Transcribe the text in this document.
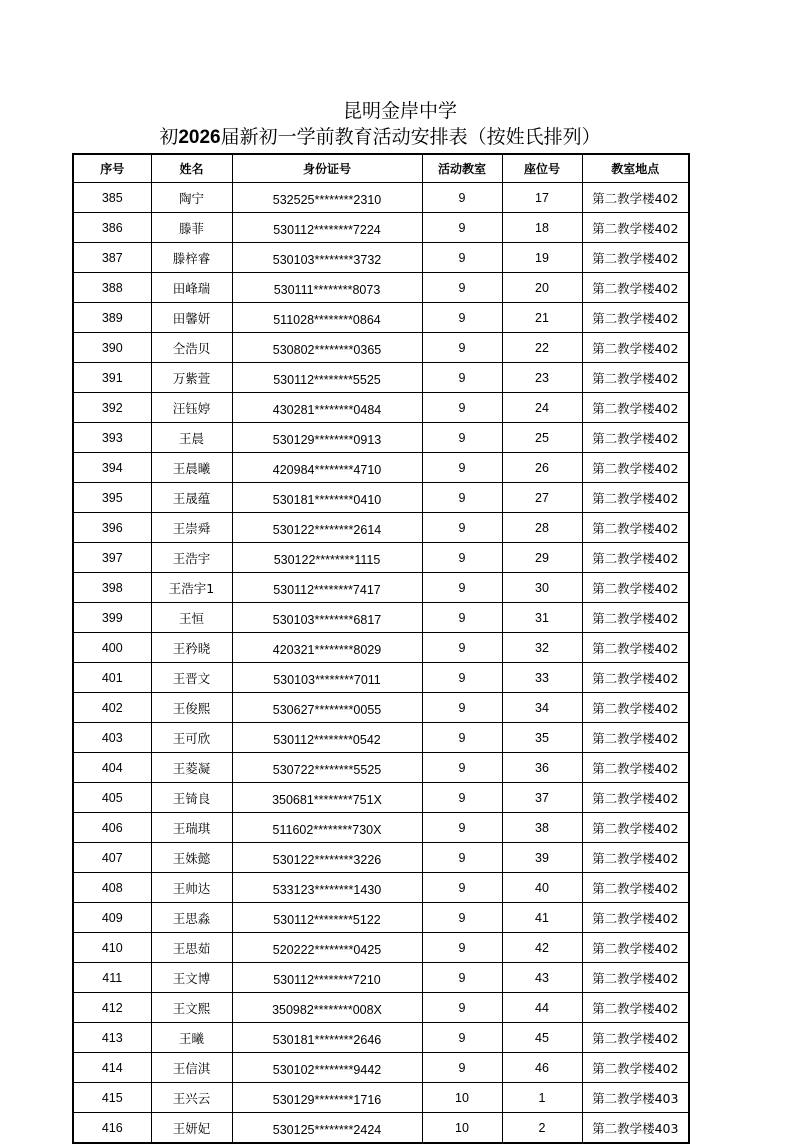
昆明金岸中学
初2026届新初一学前教育活动安排表（按姓氏排列）
序号	姓名	身份证号	活动教室	座位号	教室地点
385	陶宁	532525********2310	9	17	第二教学楼402
386	滕菲	530112********7224	9	18	第二教学楼402
387	滕梓睿	530103********3732	9	19	第二教学楼402
388	田峰瑞	530111********8073	9	20	第二教学楼402
389	田馨妍	511028********0864	9	21	第二教学楼402
390	仝浩贝	530802********0365	9	22	第二教学楼402
391	万紫萱	530112********5525	9	23	第二教学楼402
392	汪钰婷	430281********0484	9	24	第二教学楼402
393	王晨	530129********0913	9	25	第二教学楼402
394	王晨曦	420984********4710	9	26	第二教学楼402
395	王晟蕴	530181********0410	9	27	第二教学楼402
396	王崇舜	530122********2614	9	28	第二教学楼402
397	王浩宇	530122********1115	9	29	第二教学楼402
398	王浩宇1	530112********7417	9	30	第二教学楼402
399	王恒	530103********6817	9	31	第二教学楼402
400	王矜晓	420321********8029	9	32	第二教学楼402
401	王晋文	530103********7011	9	33	第二教学楼402
402	王俊熙	530627********0055	9	34	第二教学楼402
403	王可欣	530112********0542	9	35	第二教学楼402
404	王菱凝	530722********5525	9	36	第二教学楼402
405	王锜良	350681********751X	9	37	第二教学楼402
406	王瑞琪	511602********730X	9	38	第二教学楼402
407	王姝懿	530122********3226	9	39	第二教学楼402
408	王帅达	533123********1430	9	40	第二教学楼402
409	王思淼	530112********5122	9	41	第二教学楼402
410	王思茹	520222********0425	9	42	第二教学楼402
411	王文博	530112********7210	9	43	第二教学楼402
412	王文熙	350982********008X	9	44	第二教学楼402
413	王曦	530181********2646	9	45	第二教学楼402
414	王信淇	530102********9442	9	46	第二教学楼402
415	王兴云	530129********1716	10	1	第二教学楼403
416	王妍妃	530125********2424	10	2	第二教学楼403
